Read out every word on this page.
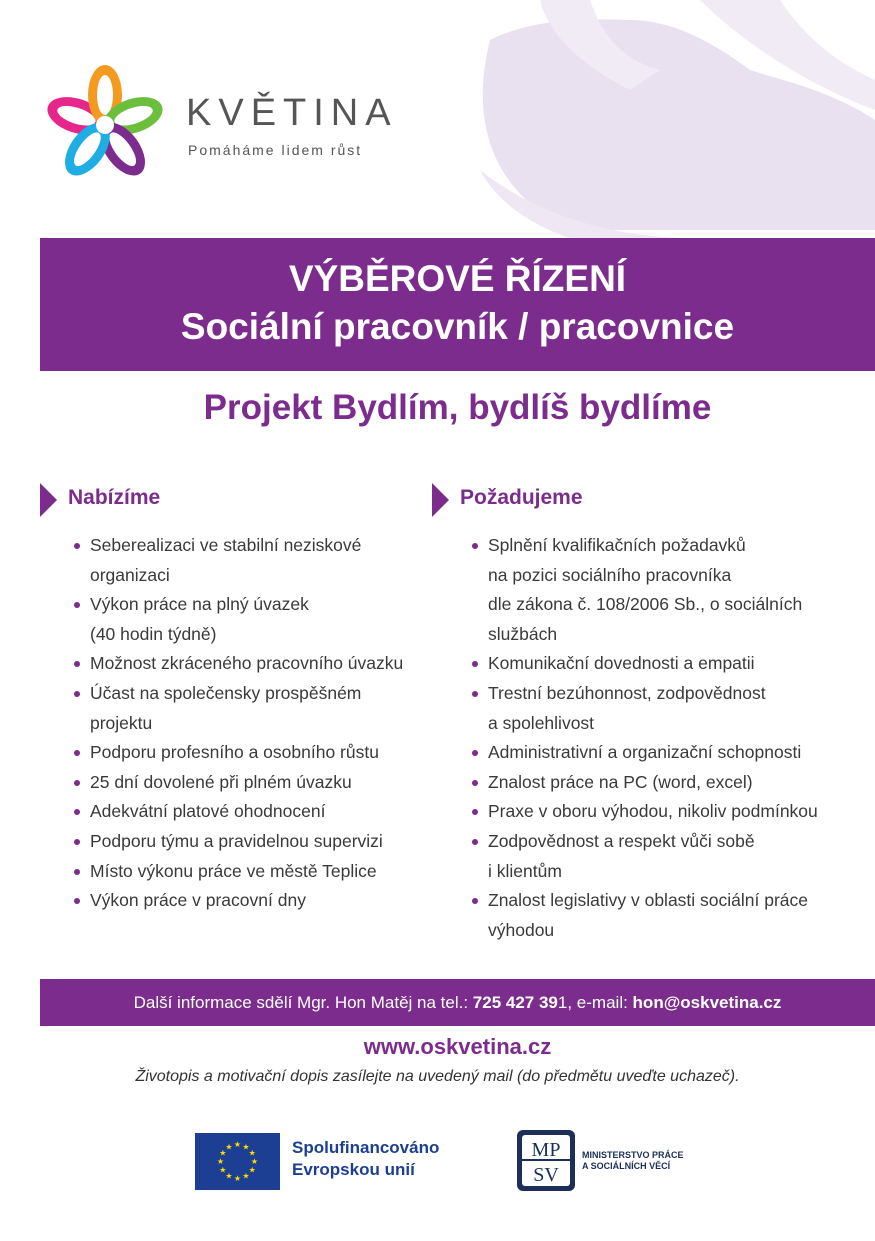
KVĚTINA
Pomáháme lidem růst
VÝBĚROVÉ ŘÍZENÍ
Sociální pracovník / pracovnice
Projekt Bydlím, bydlíš bydlíme
Nabízíme
Seberealizaci ve stabilní neziskové
organizaci
Výkon práce na plný úvazek
(40 hodin týdně)
Možnost zkráceného pracovního úvazku
Účast na společensky prospěšném
projektu
Podporu profesního a osobního růstu
25 dní dovolené při plném úvazku
Adekvátní platové ohodnocení
Podporu týmu a pravidelnou supervizi
Místo výkonu práce ve městě Teplice
Výkon práce v pracovní dny
Požadujeme
Splnění kvalifikačních požadavků
na pozici sociálního pracovníka
dle zákona č. 108/2006 Sb., o sociálních
službách
Komunikační dovednosti a empatii
Trestní bezúhonnost, zodpovědnost
a spolehlivost
Administrativní a organizační schopnosti
Znalost práce na PC (word, excel)
Praxe v oboru výhodou, nikoliv podmínkou
Zodpovědnost a respekt vůči sobě
i klientům
Znalost legislativy v oblasti sociální práce
výhodou
Další informace sdělí Mgr. Hon Matěj na tel.: 725 427 391, e-mail: hon@oskvetina.cz
www.oskvetina.cz
Životopis a motivační dopis zasílejte na uvedený mail (do předmětu uveďte uchazeč).
★
★
★
★
★
★
★
★
★ ★ ★
★ Spolufinancováno
Evropskou unií
MP
SV
MINISTERSTVO PRÁCE
A SOCIÁLNÍCH VĚCÍ
